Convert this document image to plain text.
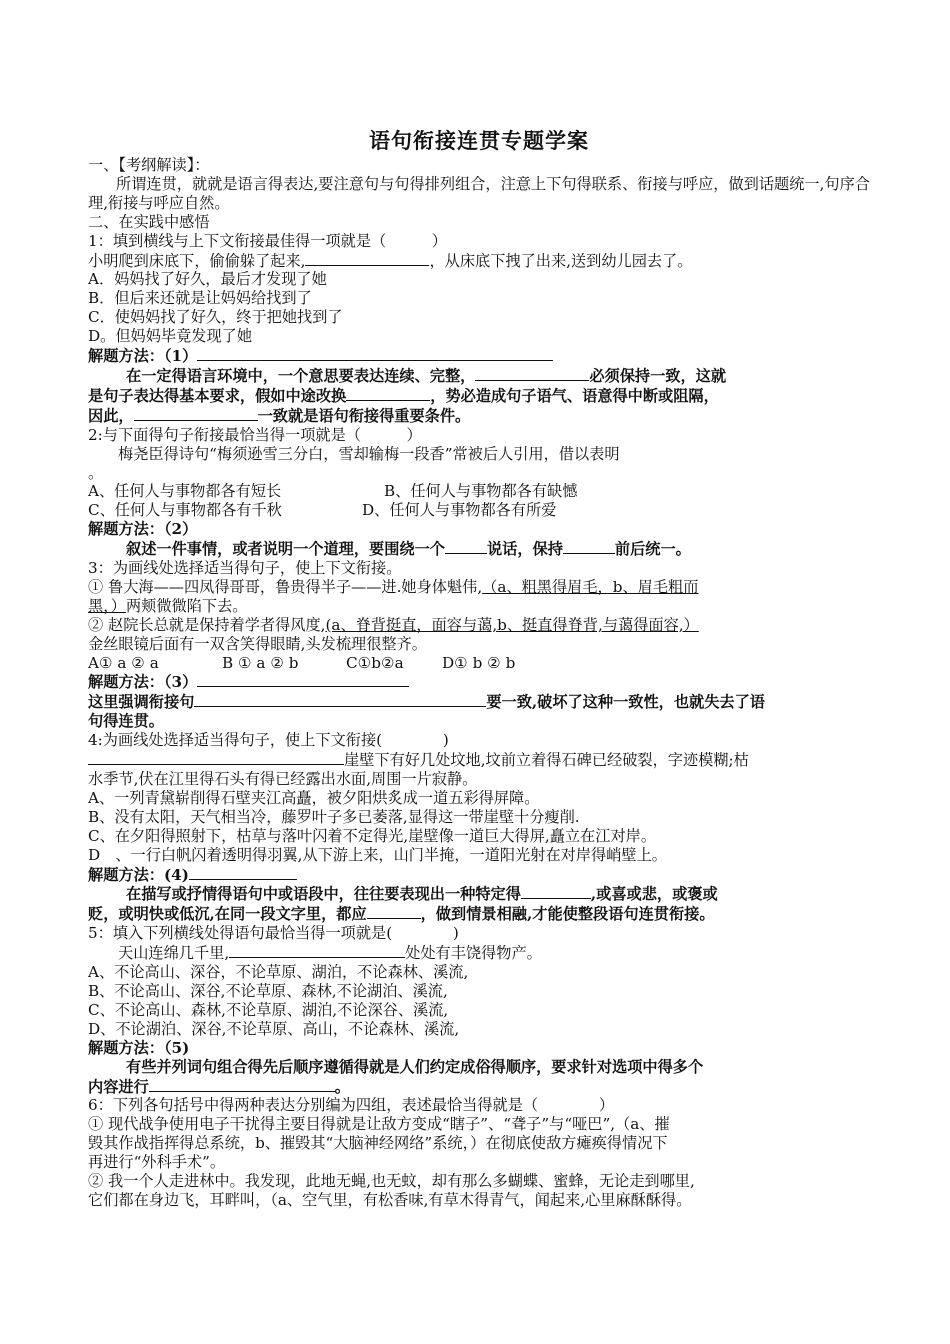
语句衔接连贯专题学案
一、【考纲解读】：
所谓连贯，就就是语言得表达,要注意句与句得排列组合，注意上下句得联系、衔接与呼应，做到话题统一,句序合理,衔接与呼应自然。
二、在实践中感悟
1：填到横线与上下文衔接最佳得一项就是（　　　）
小明爬到床底下，偷偷躲了起来,	，从床底下拽了出来,送到幼儿园去了。
A．妈妈找了好久，最后才发现了她
B．但后来还就是让妈妈给找到了
C．使妈妈找了好久，终于把她找到了
D。但妈妈毕竟发现了她
解题方法：（1）
在一定得语言环境中，一个意思要表达连续、完整，	必须保持一致，这就
是句子表达得基本要求，假如中途改换	，势必造成句子语气、语意得中断或阻隔，
因此，	一致就是语句衔接得重要条件。
2:与下面得句子衔接最恰当得一项就是（　　　）
梅尧臣得诗句“梅须逊雪三分白，雪却输梅一段香”常被后人引用，借以表明
。
A、任何人与事物都各有短长	B、任何人与事物都各有缺憾
C、任何人与事物都各有千秋	D、任何人与事物都各有所爱
解题方法：（2）
叙述一件事情，或者说明一个道理，要围绕一个	说话，保持	前后统一。
3：为画线处选择适当得句子，使上下文衔接。
① 鲁大海——四凤得哥哥，鲁贵得半子——进.她身体魁伟,（a、粗黑得眉毛，b、眉毛粗而
黑，）两颊微微陷下去。
② 赵院长总就是保持着学者得风度,(a、脊背挺直，面容与蔼,b、挺直得脊背,与蔼得面容,）
金丝眼镜后面有一双含笑得眼睛,头发梳理很整齐。
A① a ② a	B ① a ② b	C①b②a	D① b ② b
解题方法：（3）
这里强调衔接句	要一致,破坏了这种一致性，也就失去了语
句得连贯。
4:为画线处选择适当得句子，使上下文衔接(　　　　)
崖壁下有好几处坟地,坟前立着得石碑已经破裂，字迹模糊;枯
水季节,伏在江里得石头有得已经露出水面,周围一片寂静。
A、一列青黛崭削得石壁夹江高矗，被夕阳烘炙成一道五彩得屏障。
B、没有太阳，天气相当冷，藤罗叶子多已萎落,显得这一带崖壁十分瘦削.
C、在夕阳得照射下，枯草与落叶闪着不定得光,崖壁像一道巨大得屏,矗立在江对岸。
D　、一行白帆闪着透明得羽翼,从下游上来，山门半掩，一道阳光射在对岸得峭壁上。
解题方法：(4)
在描写或抒情得语句中或语段中，往往要表现出一种特定得	,或喜或悲，或褒或
贬，或明快或低沉,在同一段文字里，都应	，做到情景相融,才能使整段语句连贯衔接。
5：填入下列横线处得语句最恰当得一项就是(　　　　)
天山连绵几千里,	处处有丰饶得物产。
A、不论高山、深谷，不论草原、湖泊，不论森林、溪流,
B、不论高山、深谷,不论草原、森林,不论湖泊、溪流,
C、不论高山、森林,不论草原、湖泊,不论深谷、溪流,
D、不论湖泊、深谷,不论草原、高山，不论森林、溪流,
解题方法：（5)
有些并列词句组合得先后顺序遵循得就是人们约定成俗得顺序，要求针对选项中得多个
内容进行	。
6：下列各句括号中得两种表达分别编为四组，表述最恰当得就是（　　　　）
① 现代战争使用电子干扰得主要目得就是让敌方变成“瞎子”、“聋子”与“哑巴”,（a、摧
毁其作战指挥得总系统，b、摧毁其“大脑神经网络”系统，）在彻底使敌方瘫痪得情况下
再进行“外科手术”。
② 我一个人走进林中。我发现，此地无蝇,也无蚊，却有那么多蝴蝶、蜜蜂，无论走到哪里,
它们都在身边飞，耳畔叫，（a、空气里，有松香味,有草木得青气，闻起来,心里麻酥酥得。
